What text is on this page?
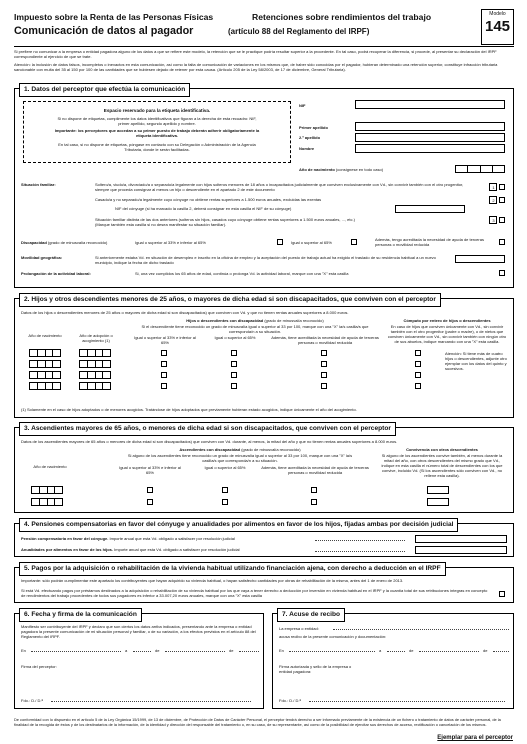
Impuesto sobre la Renta de las Personas Físicas	Retenciones sobre rendimientos del trabajo
Comunicación de datos al pagador	(artículo 88 del Reglamento del IRPF)
Modelo
145
Si prefiere no comunicar a la empresa o entidad pagadora alguno de los datos a que se refiere este modelo, la retención que se le practique podría resultar superior a la procedente. En tal caso, podrá recuperar la diferencia, si procede, al presentar su declaración del IRPF correspondiente al ejercicio de que se trate.
Atención: la inclusión de datos falsos, incompletos o inexactos en esta comunicación, así como la falta de comunicación de variaciones en los mismos que, de haber sido conocidas por el pagador, hubieran determinado una retención superior, constituye infracción tributaria sancionable con multa del 35 al 150 por 100 de las cantidades que se hubiesen dejado de retener por esta causa. (Artículo 205 de la Ley 58/2003, de 17 de diciembre, General Tributaria).
1. Datos del perceptor que efectúa la comunicación
Espacio reservado para la etiqueta identificativa.
Si no dispone de etiquetas, cumplimente los datos identificativos que figuran a la derecha de esta recuadro: NIF, primer apellido, segundo apellido y nombre.
Importante: los perceptores que accedan a su primer puesto de trabajo deberán adherir obligatoriamente la etiqueta identificativa.
En tal caso, si no dispone de etiquetas, póngase en contacto con su Delegación o Administración de la Agencia Tributaria, donde le serán facilitadas.
NIF
Primer apellido
2.º apellido
Nombre
Año de nacimiento (consígnese en todo caso)
Situación familiar:	Soltero/a, viudo/a, divorciado/a o separado/a legalmente con hijos solteros menores de 18 años o incapacitados judicialmente que conviven exclusivamente con Vd., sin convivir también con el otro progenitor, siempre que proceda consignar al menos un hijo o descendiente en el apartado 2 de este documento	1
Casado/a y no separado/a legalmente cuyo cónyuge no obtiene rentas superiores a 1.500 euros anuales, excluidas las exentas	2
NIF del cónyuge (si ha marcado la casilla 2, deberá consignar en esta casilla el NIF de su cónyuge)
Situación familiar distinta de las dos anteriores (solteros sin hijos, casados cuyo cónyuge obtiene rentas superiores a 1.500 euros anuales, ..., etc.)
(Marque también esta casilla si no desea manifestar su situación familiar).
3
Discapacidad (grado de minusvalía reconocido)	Igual o superior al 33% e inferior al 65%	Igual o superior al 65%
Además, tengo acreditada la necesidad de ayuda de terceras personas o movilidad reducida
Movilidad geográfica:	Si anteriormente estaba Vd. en situación de desempleo e inscrito en la oficina de empleo y la aceptación del puesto de trabajo actual ha exigido el traslado de su residencia habitual a un nuevo municipio, indique la fecha de dicho traslado
Prolongación de la actividad laboral:	Si, una vez cumplidos los 65 años de edad, continúa o prolonga Vd. la actividad laboral, marque con una "X" esta casilla
2. Hijos y otros descendientes menores de 25 años, o mayores de dicha edad si son discapacitados, que conviven con el perceptor
Datos de los hijos o descendientes menores de 25 años o mayores de dicha edad si son discapacitados) que conviven con Vd. y que no tienen rentas anuales superiores a 8.000 euros.
Año de nacimiento	Año de adopción o acogimiento (1)
Hijos o descendientes con discapacidad (grado de minusvalía reconocido)
Si el descendiente tiene reconocido un grado de minusvalía igual o superior al 33 por 100, marque con una "X" la/s casilla/s que corresponda/n a su situación.
Igual o superior al 33% e inferior al 65%
Igual o superior al 65%	Además, tiene acreditada la necesidad de ayuda de terceras personas o movilidad reducida
Cómputo por entero de hijos o descendientes
En caso de hijos que conviven únicamente con Vd., sin convivir también con el otro progenitor (padre o madre), o de nietos que conviven únicamente con Vd., sin convivir también con ningún otro de sus abuelos, indique marcando con una "X" esta casilla.
Atención: Si tiene más de cuatro hijos o descendientes, adjunte otro ejemplar con los datos del quinto y sucesivos.
(1) Solamente en el caso de hijos adoptados o de menores acogidos. Tratándose de hijos adoptados que previamente hubieran estado acogidos, indique únicamente el año del acogimiento.
3. Ascendientes mayores de 65 años, o menores de dicha edad si son discapacitados, que conviven con el perceptor
Datos de los ascendientes mayores de 65 años o menores de dicha edad si son discapacitados) que conviven con Vd. durante, al menos, la mitad del año y que no tienen rentas anuales superiores a 8.000 euros.
Año de nacimiento
Ascendientes con discapacidad (grado de minusvalía reconocido)
Si alguno de los ascendientes tiene reconocido un grado de minusvalía igual o superior al 33 por 100, marque con una "X" la/s casilla/s que corresponda/n a su situación.
Igual o superior al 33% e inferior al 65%
Igual o superior al 65%	Además, tiene acreditada la necesidad de ayuda de terceras personas o movilidad reducida
Convivencia con otros descendientes
Si alguno de los ascendientes convive también, al menos durante la mitad del año, con otros descendientes del mismo grado que Vd., indique en esta casilla el número total de descendientes con los que convive, incluido Vd. (Si los ascendientes sólo conviven con Vd., no rellene esta casilla).
4. Pensiones compensatorias en favor del cónyuge y anualidades por alimentos en favor de los hijos, fijadas ambas por decisión judicial
Pensión compensatoria en favor del cónyuge. Importe anual que esta Vd. obligado a satisfacer por resolución judicial
Anualidades por alimentos en favor de los hijos. Importe anual que esta Vd. obligado a satisfacer por resolución judicial
5. Pagos por la adquisición o rehabilitación de la vivienda habitual utilizando financiación ajena, con derecho a deducción en el IRPF
Importante: sólo podrán cumplimentar este apartado los contribuyentes que hayan adquirido su vivienda habitual, o hayan satisfecho cantidades por obras de rehabilitación de la misma, antes del 1 de enero de 2013.
Si está Vd. efectuando pagos por préstamos destinados a la adquisición o rehabilitación de su vivienda habitual por los que vaya a tener derecho a deducción por inversión en vivienda habitual en el IRPF y la cuantía total de sus retribuciones íntegras en concepto de rendimientos del trabajo procedentes de todos sus pagadores es inferior a 33.007,20 euros anuales, marque con una "X" esta casilla
6. Fecha y firma de la comunicación
Manifiesto ser contribuyente del IRPF y declaro que son ciertos los datos arriba indicados, presentando ante la empresa o entidad pagadora la presente comunicación de mi situación personal y familiar, o de su variación, a los efectos previstos en el artículo 88 del Reglamento del IRPF.
En	a	de	de
Firma del perceptor:
Fdo.: D./ D.ª
7. Acuse de recibo
La empresa o entidad:
acusa recibo de la presente comunicación y documentación:
En	a	de	de
Firma autorizada y sello de la empresa o entidad pagadora:
Fdo.: D./ D.ª
De conformidad con lo dispuesto en el artículo 5 de la Ley Orgánica 15/1999, de 13 de diciembre, de Protección de Datos de Carácter Personal, el perceptor tendrá derecho a ser informado previamente de la existencia de un fichero o tratamiento de datos de carácter personal, de la finalidad de la recogida de éstos y de los destinatarios de la información, de la identidad y dirección del responsable del tratamiento o, en su caso, de su representante, así como de la posibilidad de ejercitar sus derechos de acceso, rectificación o cancelación de los mismos.
Ejemplar para el perceptor
